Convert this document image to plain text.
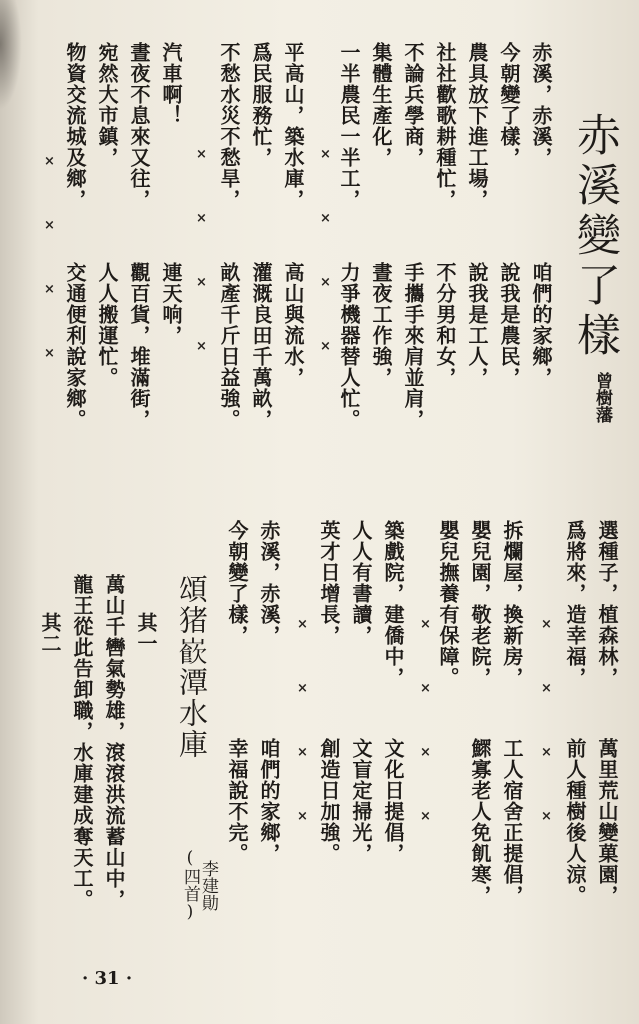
赤溪變了樣
曾樹藩
咱們的家鄉，
說我是農民，
說我是工人，
不分男和女，
手攜手來肩並肩，
晝夜工作強，
力爭機器替人忙。
高山與流水，
灌溉良田千萬畝，
畝產千斤日益強。
連天响，
觀百貨，堆滿街，
人人搬運忙。
交通便利說家鄉。
赤溪，赤溪，
今朝變了樣，
農具放下進工場，
社社歡歌耕種忙，
不論兵學商，
集體生產化，
一半農民一半工，
平高山，築水庫，
爲民服務忙，
不愁水災不愁旱，
汽車啊！
晝夜不息來又往，
宛然大市鎮，
物資交流城及鄉，	×
×
×
×
×
×
×
×
×
×
×
×
選種子，植森林，
爲將來，造幸福，
拆爛屋，換新房，
嬰兒園，敬老院，
嬰兒撫養有保障。
築戲院，建僑中，
人人有書讀，
英才日增長，
赤溪，赤溪，
今朝變了樣，
萬里荒山變菓園，
前人種樹後人涼。
工人宿舍正提倡，
鰥寡老人免飢寒，
文化日提倡，
文盲定掃光，
創造日加強。
咱們的家鄉，
幸福說不完。
×
×
×
×
×
×
×
×
×
×
×
×
頌猪𡼽潭水庫
(四首)
李建勛
其一
萬山千轡氣勢雄，滾滾洪流蓄山中，
龍王從此告卸職，水庫建成奪天工。
其二
· 31 ·
